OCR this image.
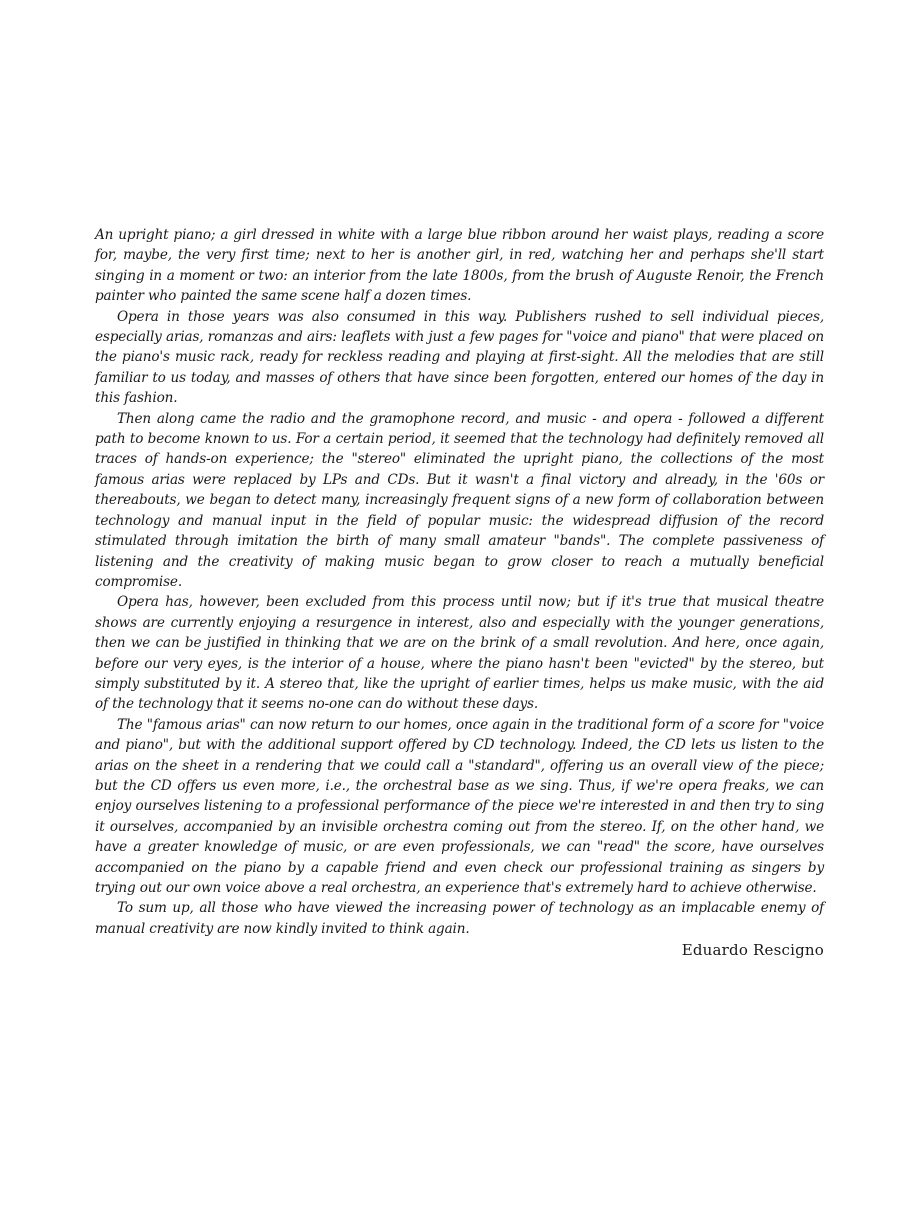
An upright piano; a girl dressed in white with a large blue ribbon around her waist plays, reading a score for, maybe, the very first time; next to her is another girl, in red, watching her and perhaps she'll start singing in a moment or two: an interior from the late 1800s, from the brush of Auguste Renoir, the French painter who painted the same scene half a dozen times.

Opera in those years was also consumed in this way. Publishers rushed to sell individual pieces, especially arias, romanzas and airs: leaflets with just a few pages for "voice and piano" that were placed on the piano's music rack, ready for reckless reading and playing at first-sight. All the melodies that are still familiar to us today, and masses of others that have since been forgotten, entered our homes of the day in this fashion.

Then along came the radio and the gramophone record, and music - and opera - followed a different path to become known to us. For a certain period, it seemed that the technology had definitely removed all traces of hands-on experience; the "stereo" eliminated the upright piano, the collections of the most famous arias were replaced by LPs and CDs. But it wasn't a final victory and already, in the '60s or thereabouts, we began to detect many, increasingly frequent signs of a new form of collaboration between technology and manual input in the field of popular music: the widespread diffusion of the record stimulated through imitation the birth of many small amateur "bands". The complete passiveness of listening and the creativity of making music began to grow closer to reach a mutually beneficial compromise.

Opera has, however, been excluded from this process until now; but if it's true that musical theatre shows are currently enjoying a resurgence in interest, also and especially with the younger generations, then we can be justified in thinking that we are on the brink of a small revolution. And here, once again, before our very eyes, is the interior of a house, where the piano hasn't been "evicted" by the stereo, but simply substituted by it. A stereo that, like the upright of earlier times, helps us make music, with the aid of the technology that it seems no-one can do without these days.

The "famous arias" can now return to our homes, once again in the traditional form of a score for "voice and piano", but with the additional support offered by CD technology. Indeed, the CD lets us listen to the arias on the sheet in a rendering that we could call a "standard", offering us an overall view of the piece; but the CD offers us even more, i.e., the orchestral base as we sing. Thus, if we're opera freaks, we can enjoy ourselves listening to a professional performance of the piece we're interested in and then try to sing it ourselves, accompanied by an invisible orchestra coming out from the stereo. If, on the other hand, we have a greater knowledge of music, or are even professionals, we can "read" the score, have ourselves accompanied on the piano by a capable friend and even check our professional training as singers by trying out our own voice above a real orchestra, an experience that's extremely hard to achieve otherwise.

To sum up, all those who have viewed the increasing power of technology as an implacable enemy of manual creativity are now kindly invited to think again.

Eduardo Rescigno
